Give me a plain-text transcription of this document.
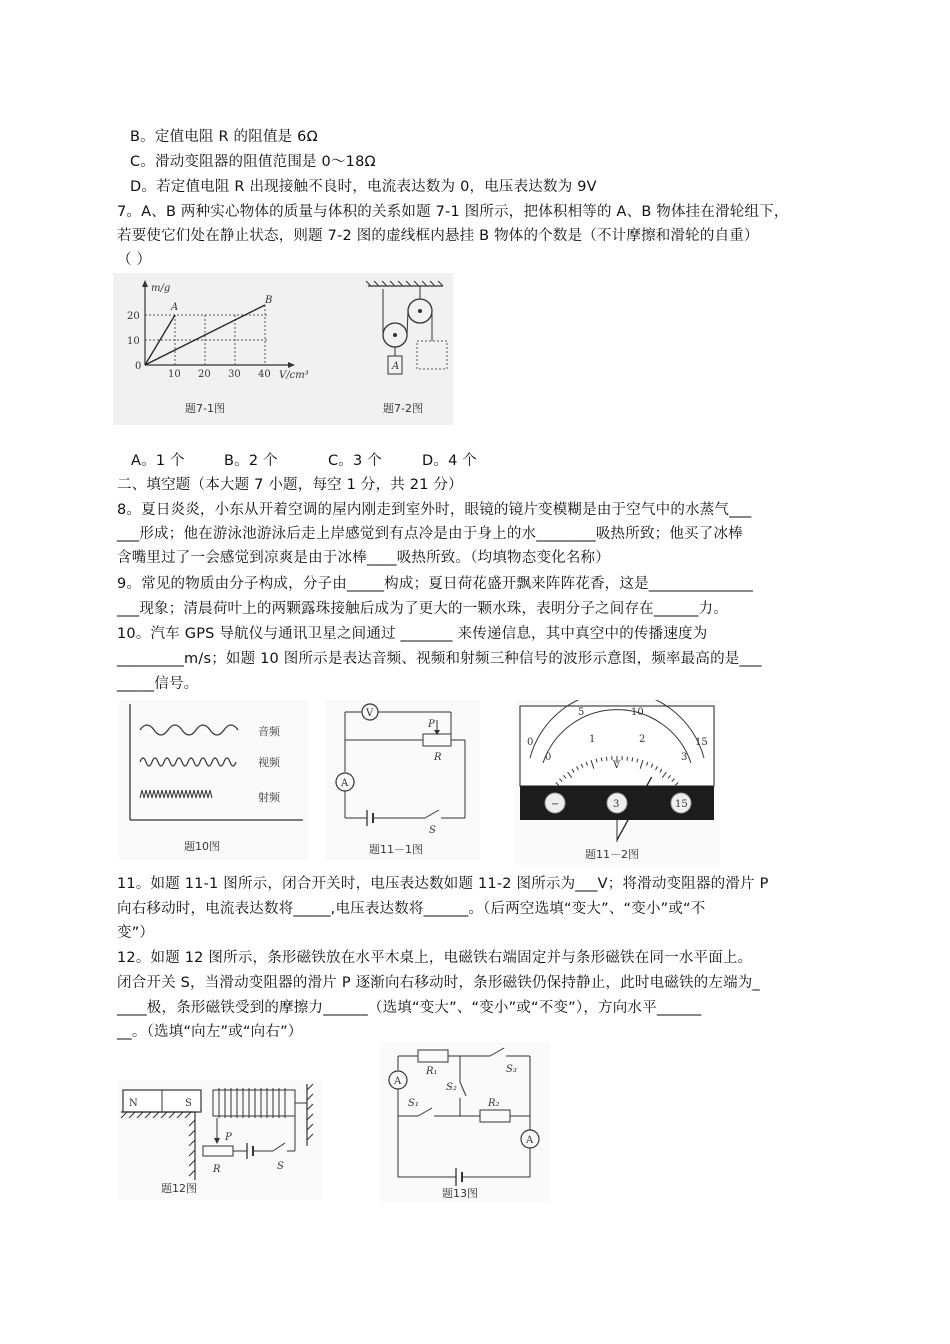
B。定值电阻 R 的阻值是 6Ω
C。滑动变阻器的阻值范围是 0～18Ω
D。若定值电阻 R 出现接触不良时，电流表达数为 0，电压表达数为 9V
7。A、B 两种实心物体的质量与体积的关系如题 7-1 图所示，把体积相等的 A、B 物体挂在滑轮组下，
若要使它们处在静止状态，则题 7-2 图的虚线框内悬挂 B 物体的个数是（不计摩擦和滑轮的自重）
（ ）
A
B
m/g
V/cm³
0
10
20
10 20 30 40
题7-1图
A
题7-2图
A。1 个	B。2 个	C。3 个	D。4 个
二、填空题（本大题 7 小题，每空 1 分，共 21 分）
8。夏日炎炎，小东从开着空调的屋内刚走到室外时，眼镜的镜片变模糊是由于空气中的水蒸气___
___形成；他在游泳池游泳后走上岸感觉到有点冷是由于身上的水________吸热所致；他买了冰棒
含嘴里过了一会感觉到凉爽是由于冰棒____吸热所致。（均填物态变化名称）
9。常见的物质由分子构成，分子由_____构成；夏日荷花盛开飘来阵阵花香，这是______________
___现象；清晨荷叶上的两颗露珠接触后成为了更大的一颗水珠，表明分子之间存在______力。
10。汽车 GPS 导航仪与通讯卫星之间通过 _______ 来传递信息，其中真空中的传播速度为
_________m/s；如题 10 图所示是表达音频、视频和射频三种信号的波形示意图，频率最高的是___
_____信号。
音频
视频
射频
题10图
V
P
R
A
S
题11－1图
0
5	10
15
0
1	2
3
V
−	3	15
题11－2图
11。如题 11-1 图所示，闭合开关时，电压表达数如题 11-2 图所示为___V；将滑动变阻器的滑片 P
向右移动时，电流表达数将_____,电压表达数将______。（后两空选填“变大”、“变小”或“不
变”）
12。如题 12 图所示，条形磁铁放在水平木桌上，电磁铁右端固定并与条形磁铁在同一水平面上。
闭合开关 S，当滑动变阻器的滑片 P 逐渐向右移动时，条形磁铁仍保持静止，此时电磁铁的左端为_
____极，条形磁铁受到的摩擦力______（选填“变大”、“变小”或“不变”），方向水平______
__。（选填“向左”或“向右”）
N	S
P
R	S
题12图
R₁	S₃
A
S₂
S₁	R₂
A
题13图
